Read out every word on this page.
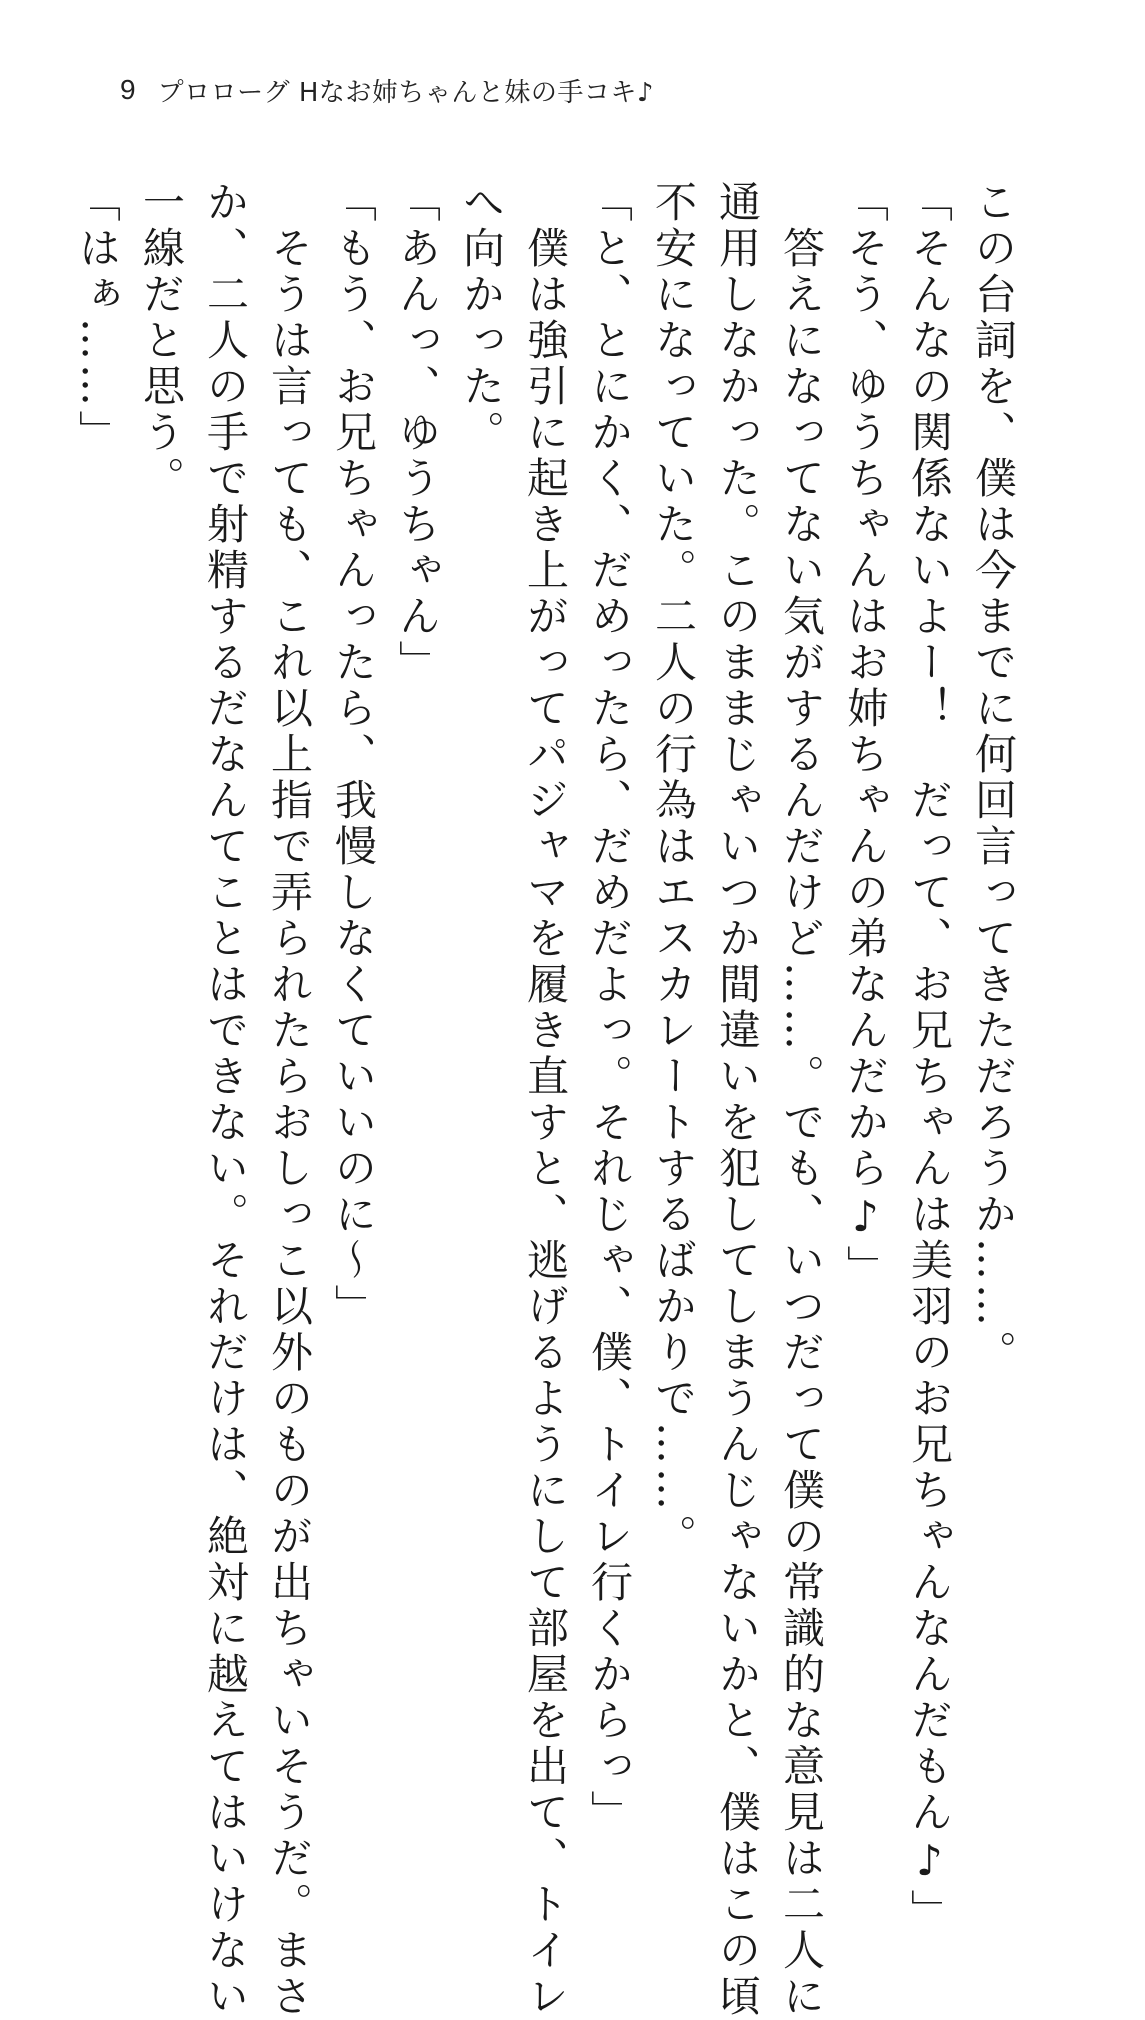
9 プロローグ Hなお姉ちゃんと妹の手コキ♪
この台詞を、僕は今までに何回言ってきただろうか……。
「そんなの関係ないよー！　だって、お兄ちゃんは美羽のお兄ちゃんなんだもん♪」
「そう、ゆうちゃんはお姉ちゃんの弟なんだから♪」
　答えになってない気がするんだけど……。でも、いつだって僕の常識的な意見は二人に
通用しなかった。このままじゃいつか間違いを犯してしまうんじゃないかと、僕はこの頃
不安になっていた。二人の行為はエスカレートするばかりで……。
「と、とにかく、だめったら、だめだよっ。それじゃ、僕、トイレ行くからっ」
　僕は強引に起き上がってパジャマを履き直すと、逃げるようにして部屋を出て、トイレ
へ向かった。
「あんっ、ゆうちゃん」
「もう、お兄ちゃんったら、我慢しなくていいのに～」
　そうは言っても、これ以上指で弄られたらおしっこ以外のものが出ちゃいそうだ。まさ
か、二人の手で射精するだなんてことはできない。それだけは、絶対に越えてはいけない
一線だと思う。
「はぁ……」
